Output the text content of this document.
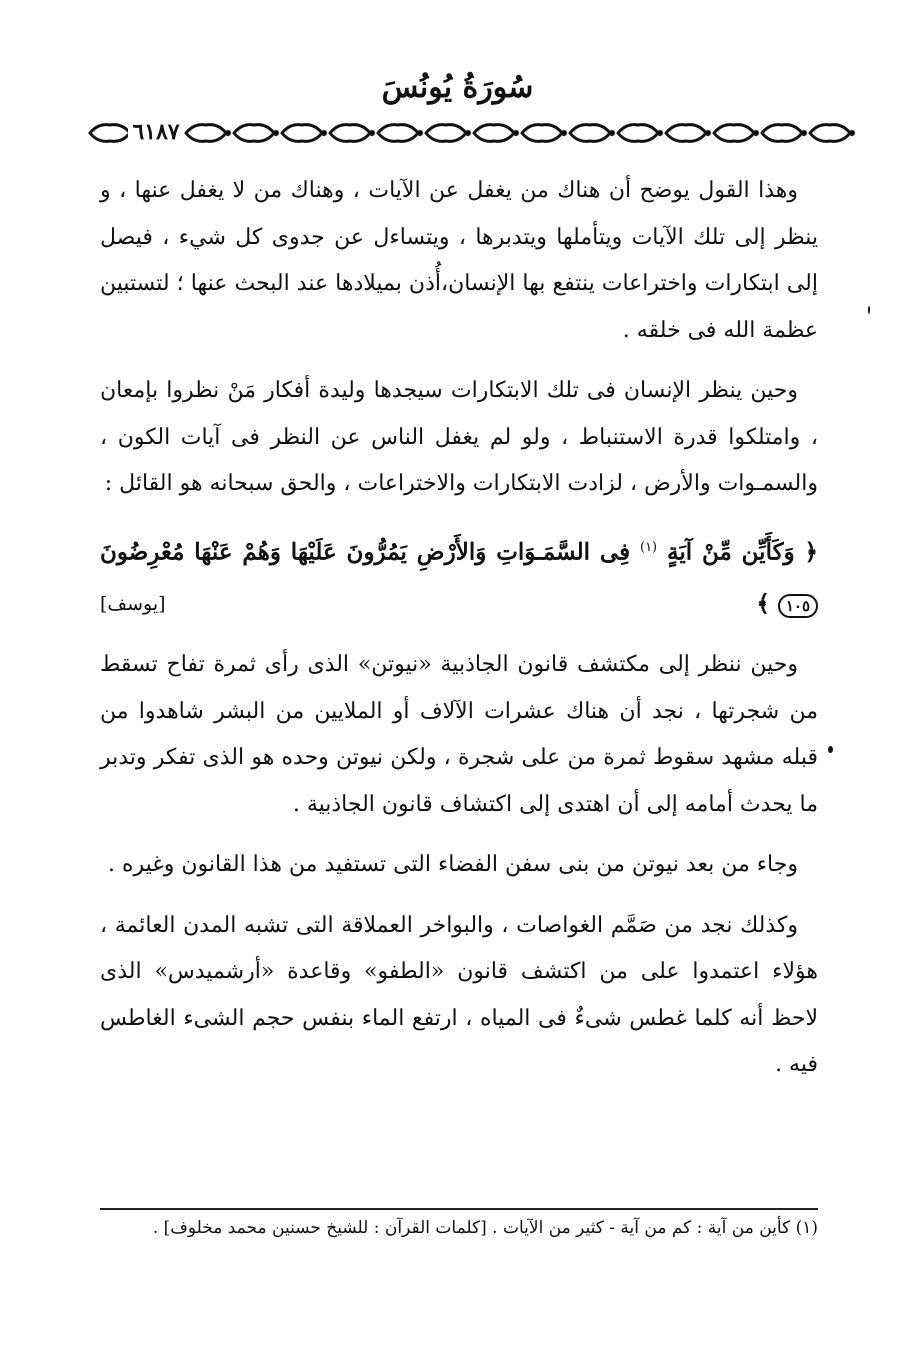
سُورَةُ يُونُسَ
٦١٨٧

وهذا القول يوضح أن هناك من يغفل عن الآيات ، وهناك من لا يغفل عنها ، و ينظر إلى تلك الآيات ويتأملها ويتدبرها ، ويتساءل عن جدوى كل شيء ، فيصل إلى ابتكارات واختراعات ينتفع بها الإنسان،أُذن بميلادها عند البحث عنها ؛ لتستبين عظمة الله فى خلقه .

وحين ينظر الإنسان فى تلك الابتكارات سيجدها وليدة أفكار مَنْ نظروا بإمعان ، وامتلكوا قدرة الاستنباط ، ولو لم يغفل الناس عن النظر فى آيات الكون ، والسمـوات والأرض ، لزادت الابتكارات والاختراعات ، والحق سبحانه هو القائل :

﴿ وَكَأَيِّن مِّنْ آيَةٍ $^{(١)}$ فِى السَّمَـوَاتِ وَالأَرْضِ يَمُرُّونَ عَلَيْهَا وَهُمْ عَنْهَا مُعْرِضُونَ ١٠٥ ﴾
[يوسف]

وحين ننظر إلى مكتشف قانون الجاذبية «نيوتن» الذى رأى ثمرة تفاح تسقط من شجرتها ، نجد أن هناك عشرات الآلاف أو الملايين من البشر شاهدوا من قبله مشهد سقوط ثمرة من على شجرة ، ولكن نيوتن وحده هو الذى تفكر وتدبر ما يحدث أمامه إلى أن اهتدى إلى اكتشاف قانون الجاذبية .

وجاء من بعد نيوتن من بنى سفن الفضاء التى تستفيد من هذا القانون وغيره .

وكذلك نجد من صَمَّم الغواصات ، والبواخر العملاقة التى تشبه المدن العائمة ، هؤلاء اعتمدوا على من اكتشف قانون «الطفو» وقاعدة «أرشميدس» الذى لاحظ أنه كلما غطس شىءٌ فى المياه ، ارتفع الماء بنفس حجم الشىء الغاطس فيه .

(١) كأين من آية : كم من آية - كثير من الآيات . [كلمات القرآن : للشيخ حسنين محمد مخلوف] .
